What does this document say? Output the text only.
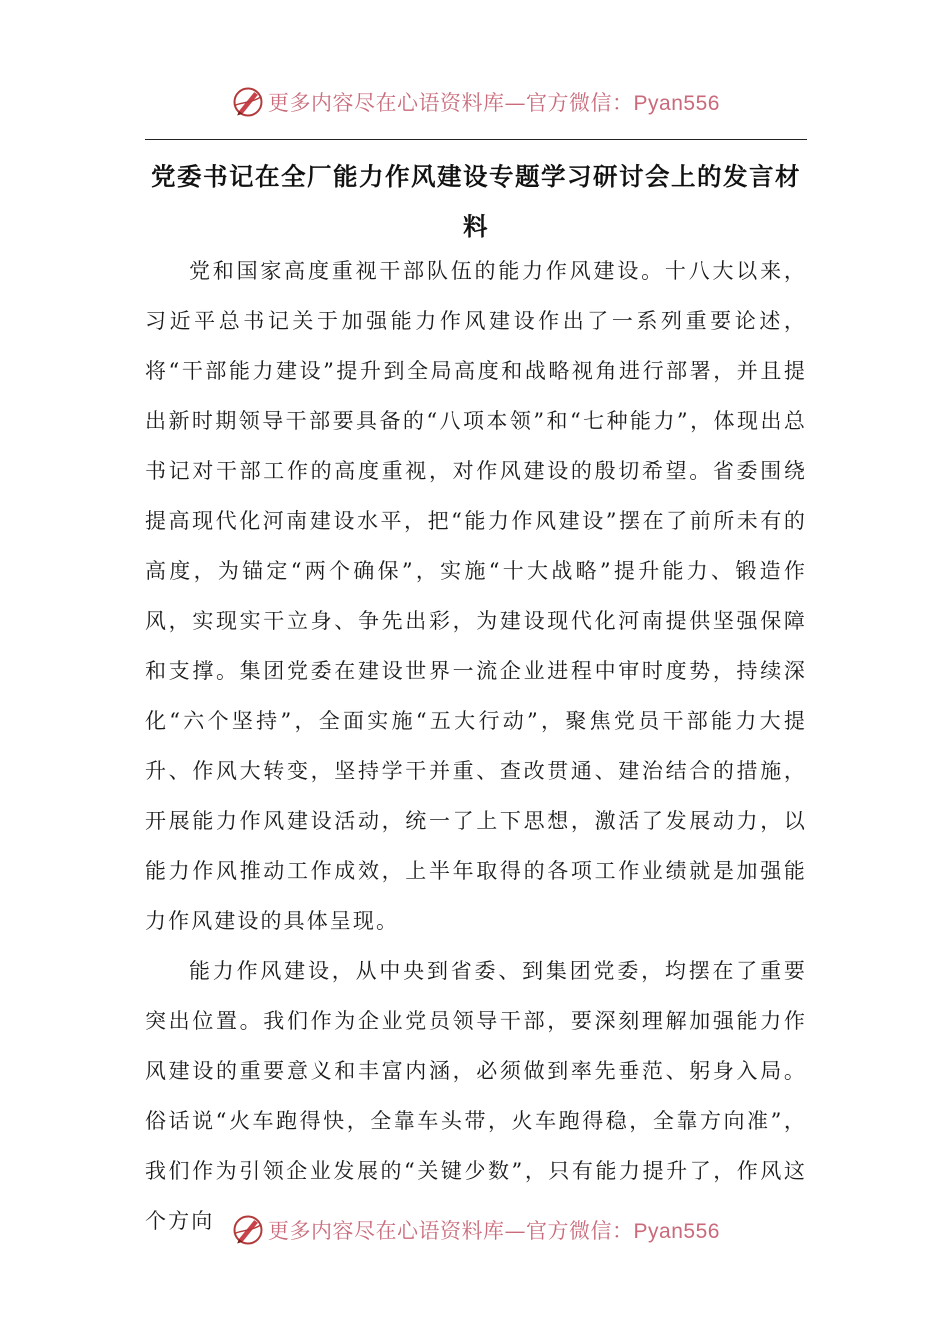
更多内容尽在心语资料库—官方微信：Pyan556
党委书记在全厂能力作风建设专题学习研讨会上的发言材料

党和国家高度重视干部队伍的能力作风建设。十八大以来，习近平总书记关于加强能力作风建设作出了一系列重要论述，将“干部能力建设”提升到全局高度和战略视角进行部署，并且提出新时期领导干部要具备的“八项本领”和“七种能力”，体现出总书记对干部工作的高度重视，对作风建设的殷切希望。省委围绕提高现代化河南建设水平，把“能力作风建设”摆在了前所未有的高度，为锚定“两个确保”，实施“十大战略”提升能力、锻造作风，实现实干立身、争先出彩，为建设现代化河南提供坚强保障和支撑。集团党委在建设世界一流企业进程中审时度势，持续深化“六个坚持”，全面实施“五大行动”，聚焦党员干部能力大提升、作风大转变，坚持学干并重、查改贯通、建治结合的措施，开展能力作风建设活动，统一了上下思想，激活了发展动力，以能力作风推动工作成效，上半年取得的各项工作业绩就是加强能力作风建设的具体呈现。

能力作风建设，从中央到省委、到集团党委，均摆在了重要突出位置。我们作为企业党员领导干部，要深刻理解加强能力作风建设的重要意义和丰富内涵，必须做到率先垂范、躬身入局。俗话说“火车跑得快，全靠车头带，火车跑得稳，全靠方向准”，我们作为引领企业发展的“关键少数”，只有能力提升了，作风这个方向	更多内容尽在心语资料库—官方微信：Pyan556
